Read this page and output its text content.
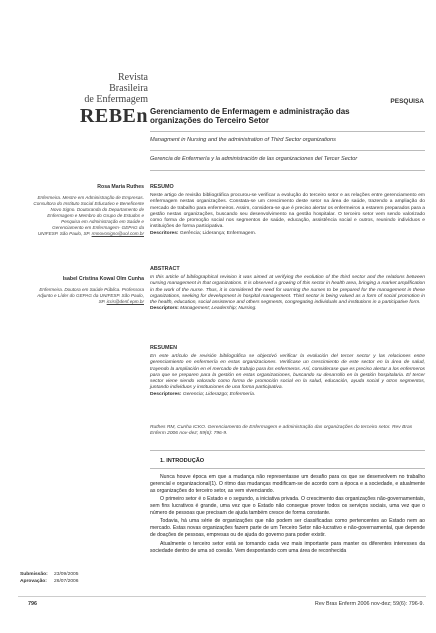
Revista
Brasileira
de Enfermagem
REBEn
PESQUISA
Gerenciamento de Enfermagem e administração das organizações do Terceiro Setor
Managment in Nursing and the administration of Third Sector organizations
Gerencia de Enfermería y la administración de las organizaciones del Tercer Sector
Rosa Maria Ruthes
Enfermeira. Mestre em Administração de Empresas. Consultora do Instituto Social Educativo e Beneficente Novo Signo. Doutoranda do Departamento de Enfermagem e Membro do Grupo de Estudos e Pesquisa em Administração em Saúde e Gerenciamento em Enfermagem- GEPAG da UNIFESP. São Paulo, SP. rmnovosigno@uol.com.br
Isabel Cristina Kowal Olm Cunha
Enfermeira. Doutora em Saúde Pública. Professora Adjunto e Líder do GEPAG da UNIFESP. São Paulo, SP. icris@denf.epm.br
RESUMO
Neste artigo de revisão bibliográfica procurou-se verificar a evolução do terceiro setor e as relações entre gerenciamento em enfermagem nestas organizações. Constata-se um crescimento deste setor na área de saúde, trazendo a ampliação do mercado de trabalho para enfermeiros. Assim, considera-se que é preciso alertar os enfermeiros a estarem preparados para a gestão nestas organizações, buscando seu desenvolvimento na gestão hospitalar. O terceiro setor vem sendo valorizado como forma de promoção social nos segmentos de saúde, educação, assistência social e outros, reunindo indivíduos e instituições de forma participativa.
Descritores: Gerência; Liderança; Enfermagem.
ABSTRACT
In this article of bibliographical revision it was aimed at verifying the evolution of the third sector and the relations between nursing management in that organizations. It is observed a growing of this sector in health area, bringing a market amplification in the work of the nurse. Thus, it is considered the need for warning the nurses to be prepared for the management in these organizations, seeking for development in hospital management. Third sector is being valued as a form of social promotion in the health, education, social assistence and others segments, congregating individuals and institutions in a participative form.
Descriptors: Management; Leadership; Nursing.
RESUMEN
En este artículo de revisión bibliográfica se objectivó verificar la evolución del tercer sector y las relaciones entre gerenciamiento en enfermería en estas organizaciones. Verificase un crescimiento de este sector en la área de salud, trayendo la ampliación en el mercado de trabajo para los enfermeros. Así, considerase que es preciso alertar a los enfermeros para que se preparen para la gestión en estas organizaciones, buscando su desarrollo en la gestión hospitalaria. El tercer sector viene siendo valorado como forma de promoción social en la salud, educación, ayuda social y otros segmentos, juntando individuos y instituciones de una forma participativa.
Descriptores: Gerencia; Liderazgo; Enfermería.
Ruthes RM, Cunha ICKO. Gerenciamento de Enfermagem e administração das organizações do terceiro setor. Rev Bras Enferm 2006 nov-dez; 59(6): 796-9.
1. INTRODUÇÃO

Nunca houve época em que a mudança não representasse um desafio para os que se desenvolvem no trabalho gerencial e organizacional(1). O ritmo das mudanças modificam-se de acordo com a época e a sociedade, e atualmente as organizações do terceiro setor, as vem vivenciando.

O primeiro setor é o Estado e o segundo, a iniciativa privada. O crescimento das organizações não-governamentais, sem fins lucrativos é grande, uma vez que o Estado não consegue prover todos os serviços sociais, uma vez que o número de pessoas que precisam de ajuda também cresce de forma constante.

Todavia, há uma série de organizações que não podem ser classificadas como pertencentes ao Estado nem ao mercado. Estas novas organizações fazem parte de um Terceiro Setor não-lucrativo e não-governamental, que depende de doações de pessoas, empresas ou de ajuda do governo para poder existir.

Atualmente o terceiro setor está se tornando cada vez mais importante para manter os diferentes interesses da sociedade dentro de uma só coesão. Vem despontando com uma área de reconhecida

Submissão: 23/09/2005
Aprovação: 26/07/2006
796	Rev Bras Enferm 2006 nov-dez; 59(6): 796-9.
